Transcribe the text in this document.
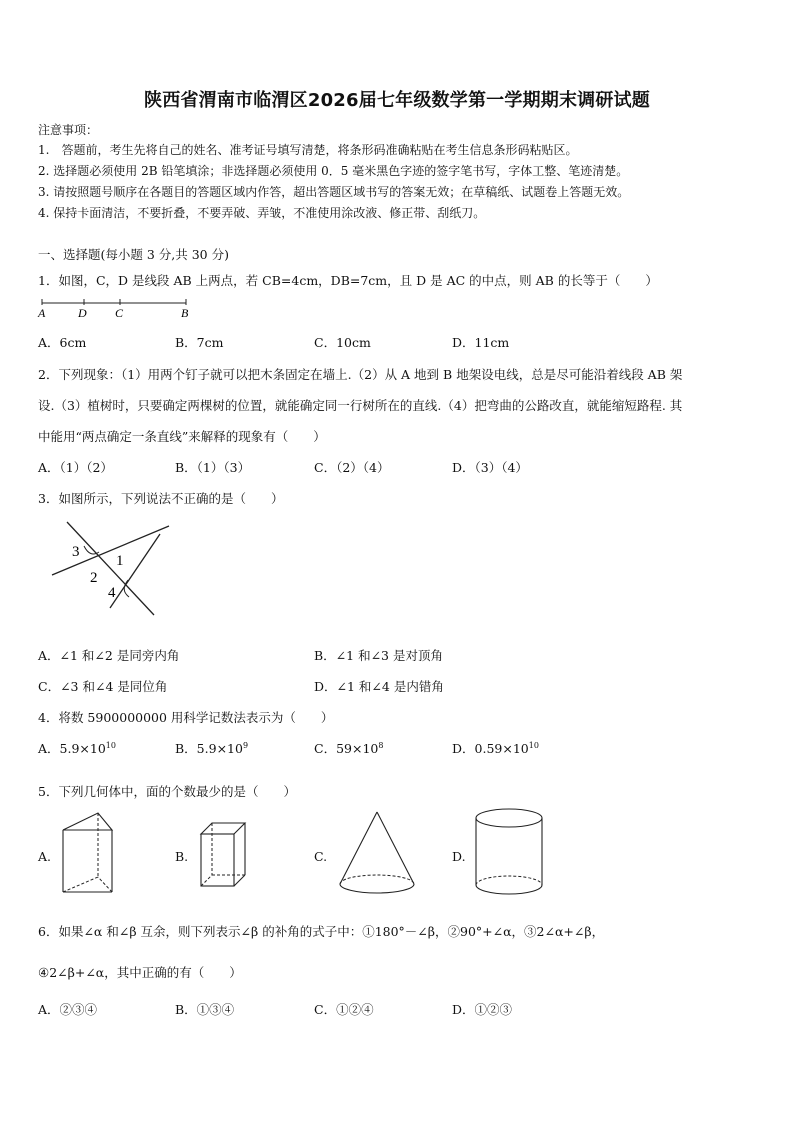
陕西省渭南市临渭区2026届七年级数学第一学期期末调研试题
注意事项：
1.　答题前，考生先将自己的姓名、准考证号填写清楚，将条形码准确粘贴在考生信息条形码粘贴区。
2. 选择题必须使用 2B 铅笔填涂；非选择题必须使用 0．5 毫米黑色字迹的签字笔书写，字体工整、笔迹清楚。
3. 请按照题号顺序在各题目的答题区域内作答，超出答题区域书写的答案无效；在草稿纸、试题卷上答题无效。
4. 保持卡面清洁，不要折叠，不要弄破、弄皱，不准使用涂改液、修正带、刮纸刀。
一、选择题(每小题 3 分,共 30 分)
1．如图，C，D 是线段 AB 上两点，若 CB=4cm，DB=7cm，且 D 是 AC 的中点，则 AB 的长等于（　　）
A	D C	B
A．6cm	B．7cm	C．10cm	D．11cm
2．下列现象：（1）用两个钉子就可以把木条固定在墙上.（2）从 A 地到 B 地架设电线，总是尽可能沿着线段 AB 架
设.（3）植树时，只要确定两棵树的位置，就能确定同一行树所在的直线.（4）把弯曲的公路改直，就能缩短路程. 其
中能用“两点确定一条直线”来解释的现象有（　　）
A．（1）（2）	B．（1）（3）	C．（2）（4）	D．（3）（4）
3．如图所示，下列说法不正确的是（　　）
3
1
2
4
A．∠1 和∠2 是同旁内角	B．∠1 和∠3 是对顶角
C．∠3 和∠4 是同位角	D．∠1 和∠4 是内错角
4．将数 5900000000 用科学记数法表示为（　　）
A．$5.9\times 10^{10}$	B．$5.9\times 10^9$	C．$59\times 10^8$	D．$0.59\times 10^{10}$
5．下列几何体中，面的个数最少的是（　　）
A.	B.	C.	D.
6．如果∠α 和∠β 互余，则下列表示∠β 的补角的式子中：①180°－∠β，②90°+∠α，③2∠α+∠β，
④2∠β+∠α，其中正确的有（　　）
A．②③④	B．①③④	C．①②④	D．①②③
